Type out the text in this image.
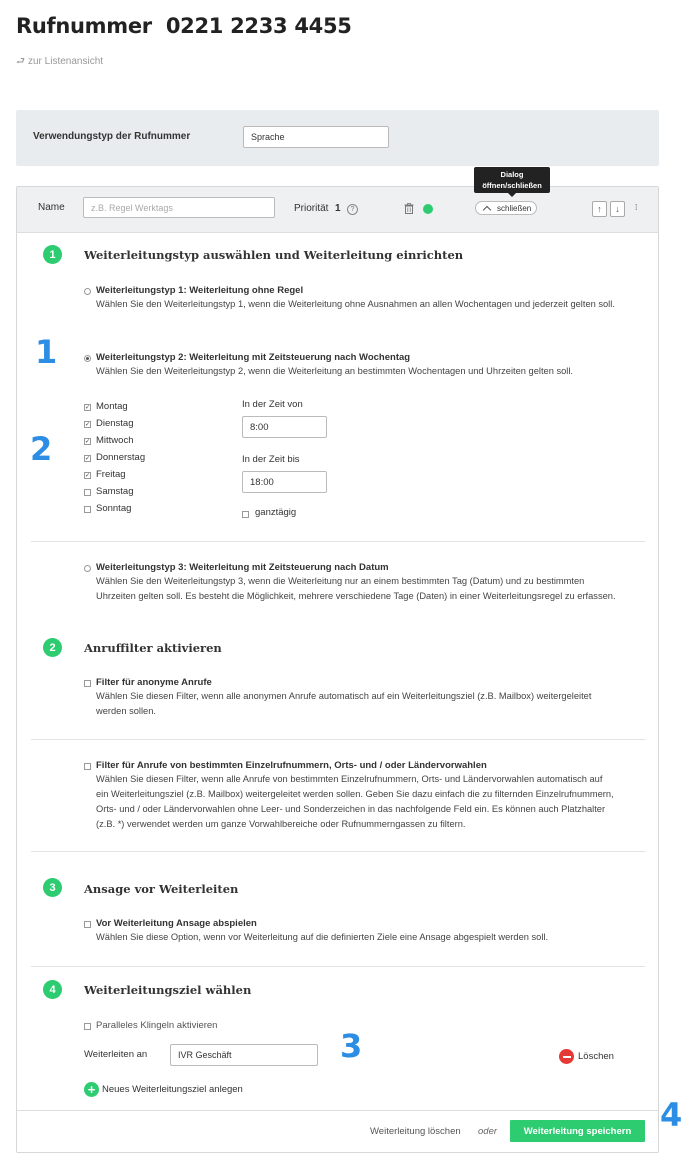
Rufnummer  0221 2233 4455
⮐ zur Listenansicht
Verwendungstyp der Rufnummer	Sprache
Name	z.B. Regel Werktags	Priorität 1	?
Dialog
öffnen/schließen
schließen	↑ ↓ ⁞⁞
1	Weiterleitungstyp auswählen und Weiterleitung einrichten
Weiterleitungstyp 1: Weiterleitung ohne Regel
Wählen Sie den Weiterleitungstyp 1, wenn die Weiterleitung ohne Ausnahmen an allen Wochentagen und jederzeit gelten soll.
Weiterleitungstyp 2: Weiterleitung mit Zeitsteuerung nach Wochentag
Wählen Sie den Weiterleitungstyp 2, wenn die Weiterleitung an bestimmten Wochentagen und Uhrzeiten gelten soll.
✓ Montag
✓ Dienstag
✓ Mittwoch
✓ Donnerstag
✓ Freitag
Samstag
Sonntag
In der Zeit von
8:00
In der Zeit bis
18:00
ganztägig
Weiterleitungstyp 3: Weiterleitung mit Zeitsteuerung nach Datum
Wählen Sie den Weiterleitungstyp 3, wenn die Weiterleitung nur an einem bestimmten Tag (Datum) und zu bestimmten
Uhrzeiten gelten soll. Es besteht die Möglichkeit, mehrere verschiedene Tage (Daten) in einer Weiterleitungsregel zu erfassen.
2	Anruffilter aktivieren
Filter für anonyme Anrufe
Wählen Sie diesen Filter, wenn alle anonymen Anrufe automatisch auf ein Weiterleitungsziel (z.B. Mailbox) weitergeleitet
werden sollen.
Filter für Anrufe von bestimmten Einzelrufnummern, Orts- und / oder Ländervorwahlen
Wählen Sie diesen Filter, wenn alle Anrufe von bestimmten Einzelrufnummern, Orts- und Ländervorwahlen automatisch auf
ein Weiterleitungsziel (z.B. Mailbox) weitergeleitet werden sollen. Geben Sie dazu einfach die zu filternden Einzelrufnummern,
Orts- und / oder Ländervorwahlen ohne Leer- und Sonderzeichen in das nachfolgende Feld ein. Es können auch Platzhalter
(z.B. *) verwendet werden um ganze Vorwahlbereiche oder Rufnummerngassen zu filtern.
3	Ansage vor Weiterleiten
Vor Weiterleitung Ansage abspielen
Wählen Sie diese Option, wenn vor Weiterleitung auf die definierten Ziele eine Ansage abgespielt werden soll.
4	Weiterleitungsziel wählen
Paralleles Klingeln aktivieren
Weiterleiten an	IVR Geschäft	Löschen
+ Neues Weiterleitungsziel anlegen
Weiterleitung löschen oder	Weiterleitung speichern
1
2
3
4
